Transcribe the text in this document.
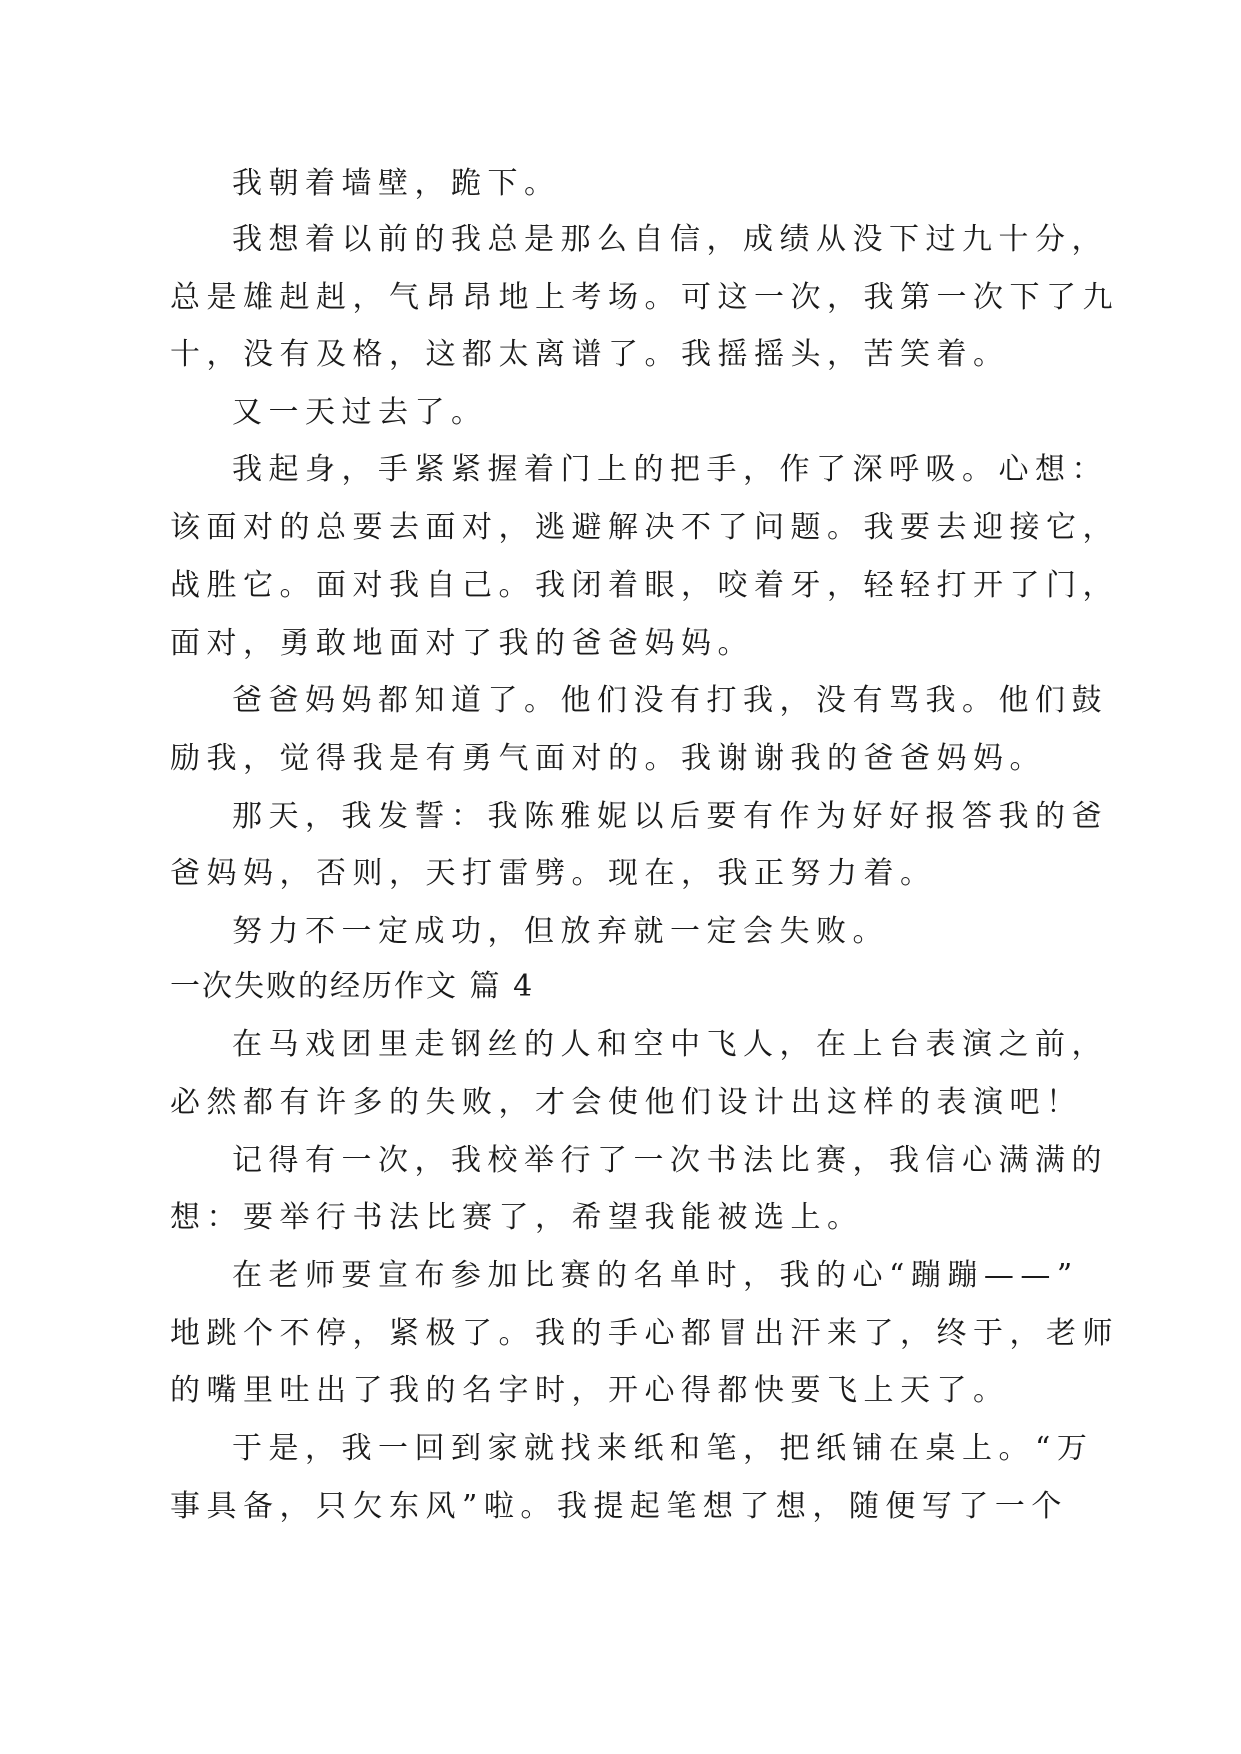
我朝着墙壁，跪下。
我想着以前的我总是那么自信，成绩从没下过九十分，
总是雄赳赳，气昂昂地上考场。可这一次，我第一次下了九
十，没有及格，这都太离谱了。我摇摇头，苦笑着。
又一天过去了。
我起身，手紧紧握着门上的把手，作了深呼吸。心想：
该面对的总要去面对，逃避解决不了问题。我要去迎接它，
战胜它。面对我自己。我闭着眼，咬着牙，轻轻打开了门，
面对，勇敢地面对了我的爸爸妈妈。
爸爸妈妈都知道了。他们没有打我，没有骂我。他们鼓
励我，觉得我是有勇气面对的。我谢谢我的爸爸妈妈。
那天，我发誓：我陈雅妮以后要有作为好好报答我的爸
爸妈妈，否则，天打雷劈。现在，我正努力着。
努力不一定成功，但放弃就一定会失败。
一次失败的经历作文 篇 4
在马戏团里走钢丝的人和空中飞人，在上台表演之前，
必然都有许多的失败，才会使他们设计出这样的表演吧！
记得有一次，我校举行了一次书法比赛，我信心满满的
想：要举行书法比赛了，希望我能被选上。
在老师要宣布参加比赛的名单时，我的心“蹦蹦——”
地跳个不停，紧极了。我的手心都冒出汗来了，终于，老师
的嘴里吐出了我的名字时，开心得都快要飞上天了。
于是，我一回到家就找来纸和笔，把纸铺在桌上。“万
事具备，只欠东风”啦。我提起笔想了想，随便写了一个
